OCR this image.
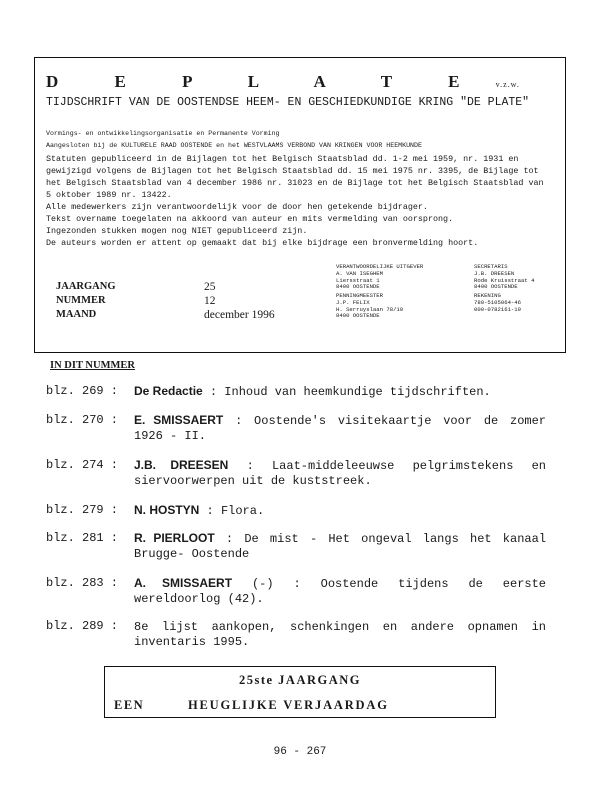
D E P L A T E v.z.w.
TIJDSCHRIFT VAN DE OOSTENDSE HEEM- EN GESCHIEDKUNDIGE KRING "DE PLATE"
Vormings- en ontwikkelingsorganisatie en Permanente Vorming
Aangesloten bij de KULTURELE RAAD OOSTENDE en het WESTVLAAMS VERBOND VAN KRINGEN VOOR HEEMKUNDE
Statuten gepubliceerd in de Bijlagen tot het Belgisch Staatsblad dd. 1-2 mei 1959, nr. 1931 en gewijzigd volgens de Bijlagen tot het Belgisch Staatsblad dd. 15 mei 1975 nr. 3395, de Bijlage tot het Belgisch Staatsblad van 4 december 1986 nr. 31023 en de Bijlage tot het Belgisch Staatsblad van 5 oktober 1989 nr. 13422.
Alle medewerkers zijn verantwoordelijk voor de door hen getekende bijdrager.
Tekst overname toegelaten na akkoord van auteur en mits vermelding van oorsprong.
Ingezonden stukken mogen nog NIET gepubliceerd zijn.
De auteurs worden er attent op gemaakt dat bij elke bijdrage een bronvermelding hoort.
JAARGANG
NUMMER
MAAND
25
12
december 1996
VERANTWOORDELIJKE UITGEVER
A. VAN ISEGHEM
Liersstraat 1
8400 OOSTENDE
SECRETARIS
J.B. DREESEN
Rode Kruisstraat 4
8400 OOSTENDE
PENNINGMEESTER
J.P. FELIX
H. Serruyslaan 78/19
8400 OOSTENDE
REKENING
780-5105064-46
000-0782161-19
IN DIT NUMMER
blz. 269 : De Redactie : Inhoud van heemkundige tijdschriften.
blz. 270 : E. SMISSAERT : Oostende's visitekaartje voor de zomer 1926 - II.
blz. 274 : J.B. DREESEN : Laat-middeleeuwse pelgrimstekens en siervoorwerpen uit de kuststreek.
blz. 279 : N. HOSTYN : Flora.
blz. 281 : R. PIERLOOT : De mist - Het ongeval langs het kanaal Brugge- Oostende
blz. 283 : A. SMISSAERT (-) : Oostende tijdens de eerste wereldoorlog (42).
blz. 289 : 8e lijst aankopen, schenkingen en andere opnamen in inventaris 1995.
25ste JAARGANG
EEN	HEUGLIJKE VERJAARDAG
96 - 267
